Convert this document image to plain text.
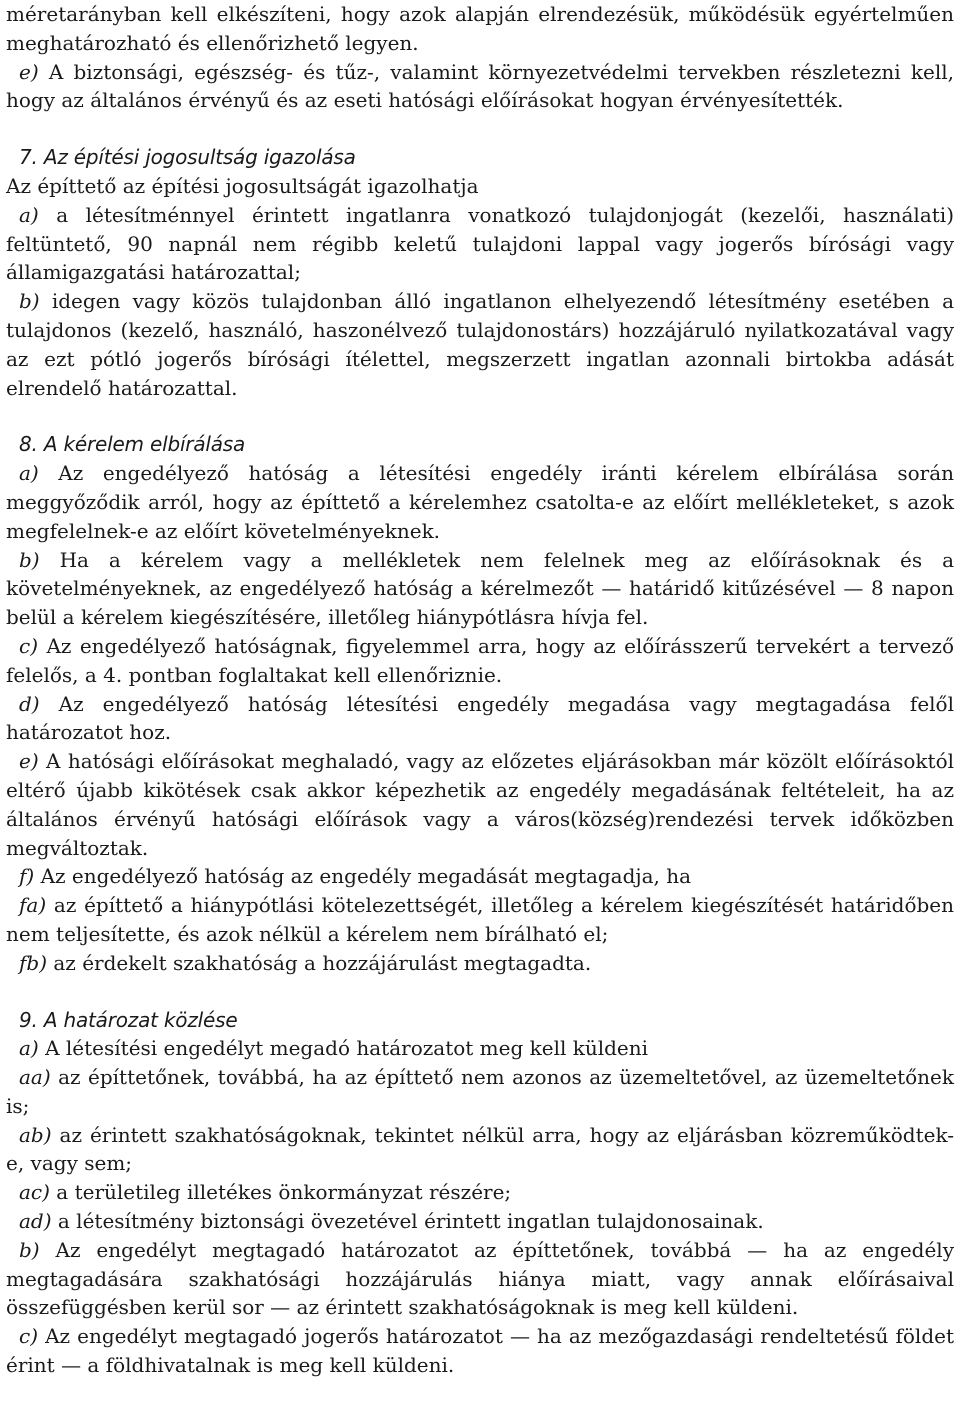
méretarányban kell elkészíteni, hogy azok alapján elrendezésük, működésük egyértelműen meghatározható és ellenőrizhető legyen.

e) A biztonsági, egészség- és tűz-, valamint környezetvédelmi tervekben részletezni kell, hogy az általános érvényű és az eseti hatósági előírásokat hogyan érvényesítették.

7. Az építési jogosultság igazolása

Az építtető az építési jogosultságát igazolhatja

a) a létesítménnyel érintett ingatlanra vonatkozó tulajdonjogát (kezelői, használati) feltüntető, 90 napnál nem régibb keletű tulajdoni lappal vagy jogerős bírósági vagy államigazgatási határozattal;

b) idegen vagy közös tulajdonban álló ingatlanon elhelyezendő létesítmény esetében a tulajdonos (kezelő, használó, haszonélvező tulajdonostárs) hozzájáruló nyilatkozatával vagy az ezt pótló jogerős bírósági ítélettel, megszerzett ingatlan azonnali birtokba adását elrendelő határozattal.

8. A kérelem elbírálása

a) Az engedélyező hatóság a létesítési engedély iránti kérelem elbírálása során meggyőződik arról, hogy az építtető a kérelemhez csatolta-e az előírt mellékleteket, s azok megfelelnek-e az előírt követelményeknek.

b) Ha a kérelem vagy a mellékletek nem felelnek meg az előírásoknak és a követelményeknek, az engedélyező hatóság a kérelmezőt — határidő kitűzésével — 8 napon belül a kérelem kiegészítésére, illetőleg hiánypótlásra hívja fel.

c) Az engedélyező hatóságnak, figyelemmel arra, hogy az előírásszerű tervekért a tervező felelős, a 4. pontban foglaltakat kell ellenőriznie.

d) Az engedélyező hatóság létesítési engedély megadása vagy megtagadása felől határozatot hoz.

e) A hatósági előírásokat meghaladó, vagy az előzetes eljárásokban már közölt előírásoktól eltérő újabb kikötések csak akkor képezhetik az engedély megadásának feltételeit, ha az általános érvényű hatósági előírások vagy a város(község)rendezési tervek időközben megváltoztak.

f) Az engedélyező hatóság az engedély megadását megtagadja, ha

fa) az építtető a hiánypótlási kötelezettségét, illetőleg a kérelem kiegészítését határidőben nem teljesítette, és azok nélkül a kérelem nem bírálható el;

fb) az érdekelt szakhatóság a hozzájárulást megtagadta.

9. A határozat közlése

a) A létesítési engedélyt megadó határozatot meg kell küldeni

aa) az építtetőnek, továbbá, ha az építtető nem azonos az üzemeltetővel, az üzemeltetőnek is;

ab) az érintett szakhatóságoknak, tekintet nélkül arra, hogy az eljárásban közreműködtek-e, vagy sem;

ac) a területileg illetékes önkormányzat részére;

ad) a létesítmény biztonsági övezetével érintett ingatlan tulajdonosainak.

b) Az engedélyt megtagadó határozatot az építtetőnek, továbbá — ha az engedély megtagadására szakhatósági hozzájárulás hiánya miatt, vagy annak előírásaival összefüggésben kerül sor — az érintett szakhatóságoknak is meg kell küldeni.

c) Az engedélyt megtagadó jogerős határozatot — ha az mezőgazdasági rendeltetésű földet érint — a földhivatalnak is meg kell küldeni.
